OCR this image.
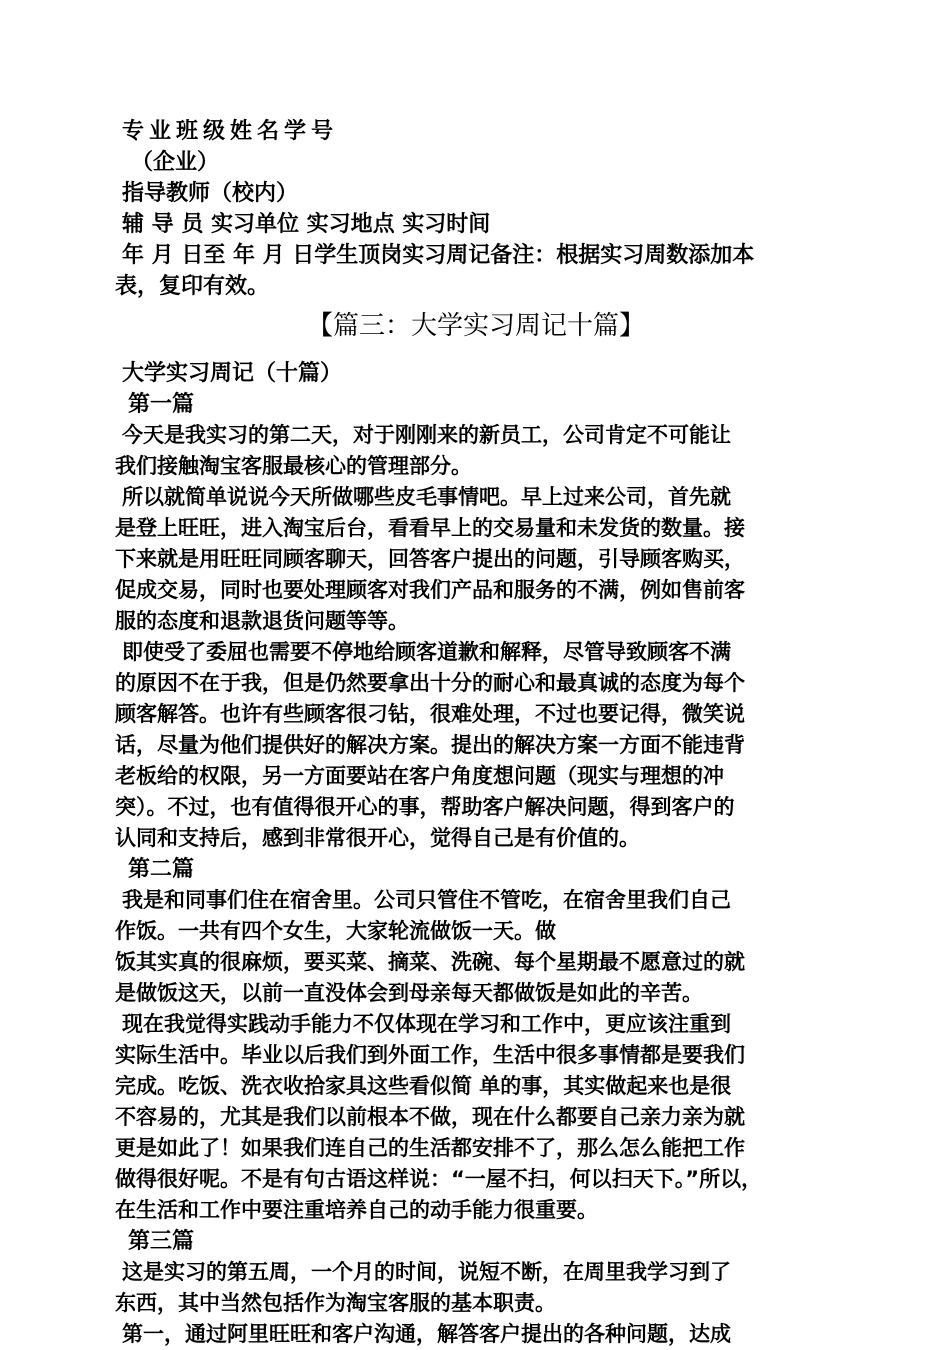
专业班级姓名学号
（企业）
指导教师（校内）
辅 导 员 实习单位 实习地点 实习时间
年 月 日至 年 月 日学生顶岗实习周记备注：根据实习周数添加本
表，复印有效。
【篇三：大学实习周记十篇】
大学实习周记（十篇）
第一篇
今天是我实习的第二天，对于刚刚来的新员工，公司肯定不可能让
我们接触淘宝客服最核心的管理部分。
所以就简单说说今天所做哪些皮毛事情吧。早上过来公司，首先就
是登上旺旺，进入淘宝后台，看看早上的交易量和未发货的数量。接
下来就是用旺旺同顾客聊天，回答客户提出的问题，引导顾客购买，
促成交易，同时也要处理顾客对我们产品和服务的不满，例如售前客
服的态度和退款退货问题等等。
即使受了委屈也需要不停地给顾客道歉和解释，尽管导致顾客不满
的原因不在于我，但是仍然要拿出十分的耐心和最真诚的态度为每个
顾客解答。也许有些顾客很刁钻，很难处理，不过也要记得，微笑说
话，尽量为他们提供好的解决方案。提出的解决方案一方面不能违背
老板给的权限，另一方面要站在客户角度想问题（现实与理想的冲
突）。不过，也有值得很开心的事，帮助客户解决问题，得到客户的
认同和支持后，感到非常很开心，觉得自己是有价值的。
第二篇
我是和同事们住在宿舍里。公司只管住不管吃，在宿舍里我们自己
作饭。一共有四个女生，大家轮流做饭一天。做
饭其实真的很麻烦，要买菜、摘菜、洗碗、每个星期最不愿意过的就
是做饭这天，以前一直没体会到母亲每天都做饭是如此的辛苦。
现在我觉得实践动手能力不仅体现在学习和工作中，更应该注重到
实际生活中。毕业以后我们到外面工作，生活中很多事情都是要我们
完成。吃饭、洗衣收拾家具这些看似简 单的事，其实做起来也是很
不容易的，尤其是我们以前根本不做，现在什么都要自己亲力亲为就
更是如此了！如果我们连自己的生活都安排不了，那么怎么能把工作
做得很好呢。不是有句古语这样说：“一屋不扫，何以扫天下。”所以，
在生活和工作中要注重培养自己的动手能力很重要。
第三篇
这是实习的第五周，一个月的时间，说短不断，在周里我学习到了
东西，其中当然包括作为淘宝客服的基本职责。
第一，通过阿里旺旺和客户沟通，解答客户提出的各种问题，达成
